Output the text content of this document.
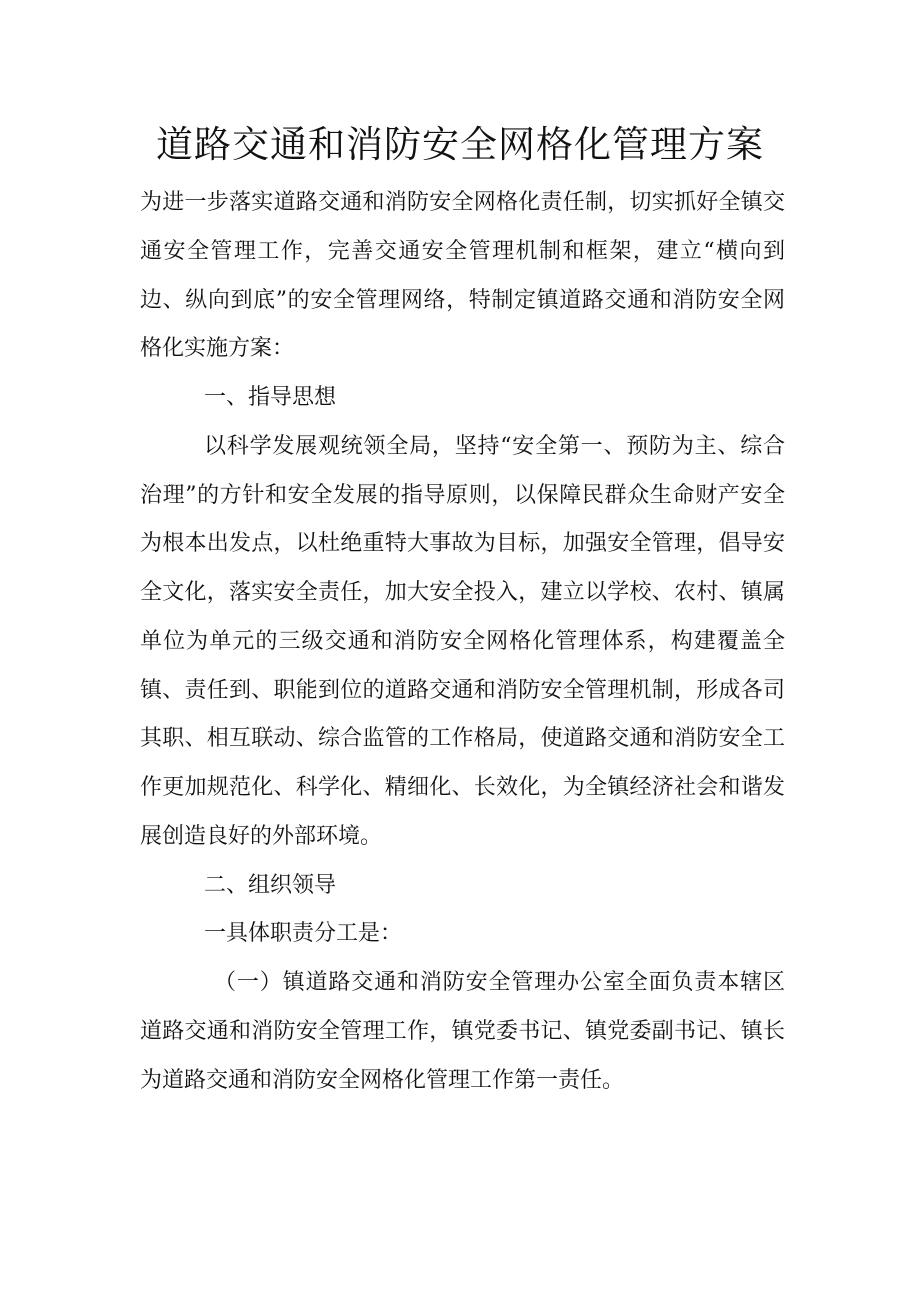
道路交通和消防安全网格化管理方案

为进一步落实道路交通和消防安全网格化责任制，切实抓好全镇交通安全管理工作，完善交通安全管理机制和框架，建立“横向到边、纵向到底”的安全管理网络，特制定镇道路交通和消防安全网格化实施方案：

一、指导思想

以科学发展观统领全局，坚持“安全第一、预防为主、综合治理”的方针和安全发展的指导原则，以保障民群众生命财产安全为根本出发点，以杜绝重特大事故为目标，加强安全管理，倡导安全文化，落实安全责任，加大安全投入，建立以学校、农村、镇属单位为单元的三级交通和消防安全网格化管理体系，构建覆盖全镇、责任到、职能到位的道路交通和消防安全管理机制，形成各司其职、相互联动、综合监管的工作格局，使道路交通和消防安全工作更加规范化、科学化、精细化、长效化，为全镇经济社会和谐发展创造良好的外部环境。

二、组织领导

一具体职责分工是：

（一）镇道路交通和消防安全管理办公室全面负责本辖区道路交通和消防安全管理工作，镇党委书记、镇党委副书记、镇长为道路交通和消防安全网格化管理工作第一责任。
